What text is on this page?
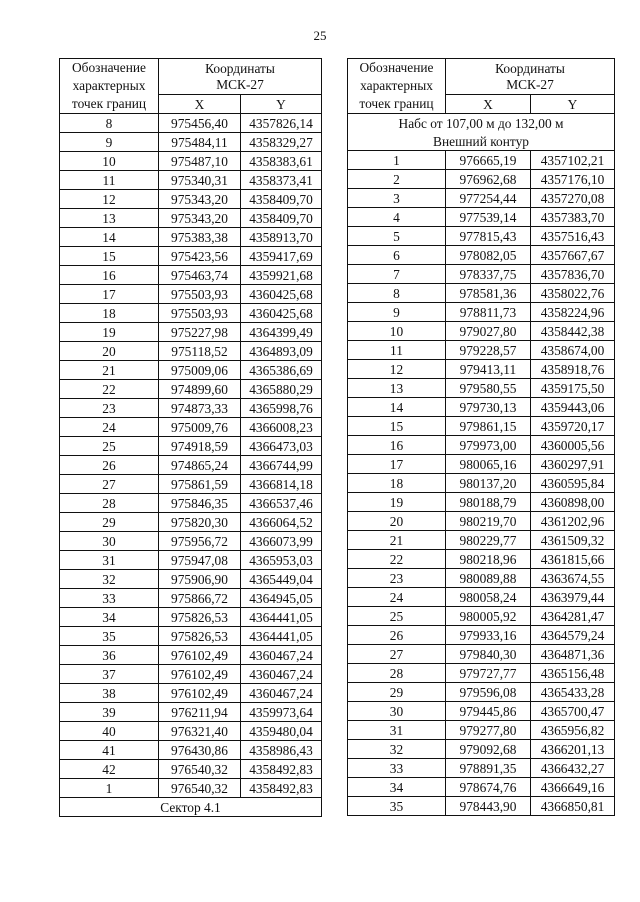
25
Обозначение
характерных
точек границ	Координаты
МСК-27	
	X	Y
8	975456,40	4357826,14
9	975484,11	4358329,27
10	975487,10	4358383,61
11	975340,31	4358373,41
12	975343,20	4358409,70
13	975343,20	4358409,70
14	975383,38	4358913,70
15	975423,56	4359417,69
16	975463,74	4359921,68
17	975503,93	4360425,68
18	975503,93	4360425,68
19	975227,98	4364399,49
20	975118,52	4364893,09
21	975009,06	4365386,69
22	974899,60	4365880,29
23	974873,33	4365998,76
24	975009,76	4366008,23
25	974918,59	4366473,03
26	974865,24	4366744,99
27	975861,59	4366814,18
28	975846,35	4366537,46
29	975820,30	4366064,52
30	975956,72	4366073,99
31	975947,08	4365953,03
32	975906,90	4365449,04
33	975866,72	4364945,05
34	975826,53	4364441,05
35	975826,53	4364441,05
36	976102,49	4360467,24
37	976102,49	4360467,24
38	976102,49	4360467,24
39	976211,94	4359973,64
40	976321,40	4359480,04
41	976430,86	4358986,43
42	976540,32	4358492,83
1	976540,32	4358492,83
Сектор 4.1		
Обозначение
характерных
точек границ	Координаты
МСК-27	
	X	Y
Набс от 107,00 м до 132,00 м		
Внешний контур		
1	976665,19	4357102,21
2	976962,68	4357176,10
3	977254,44	4357270,08
4	977539,14	4357383,70
5	977815,43	4357516,43
6	978082,05	4357667,67
7	978337,75	4357836,70
8	978581,36	4358022,76
9	978811,73	4358224,96
10	979027,80	4358442,38
11	979228,57	4358674,00
12	979413,11	4358918,76
13	979580,55	4359175,50
14	979730,13	4359443,06
15	979861,15	4359720,17
16	979973,00	4360005,56
17	980065,16	4360297,91
18	980137,20	4360595,84
19	980188,79	4360898,00
20	980219,70	4361202,96
21	980229,77	4361509,32
22	980218,96	4361815,66
23	980089,88	4363674,55
24	980058,24	4363979,44
25	980005,92	4364281,47
26	979933,16	4364579,24
27	979840,30	4364871,36
28	979727,77	4365156,48
29	979596,08	4365433,28
30	979445,86	4365700,47
31	979277,80	4365956,82
32	979092,68	4366201,13
33	978891,35	4366432,27
34	978674,76	4366649,16
35	978443,90	4366850,81
